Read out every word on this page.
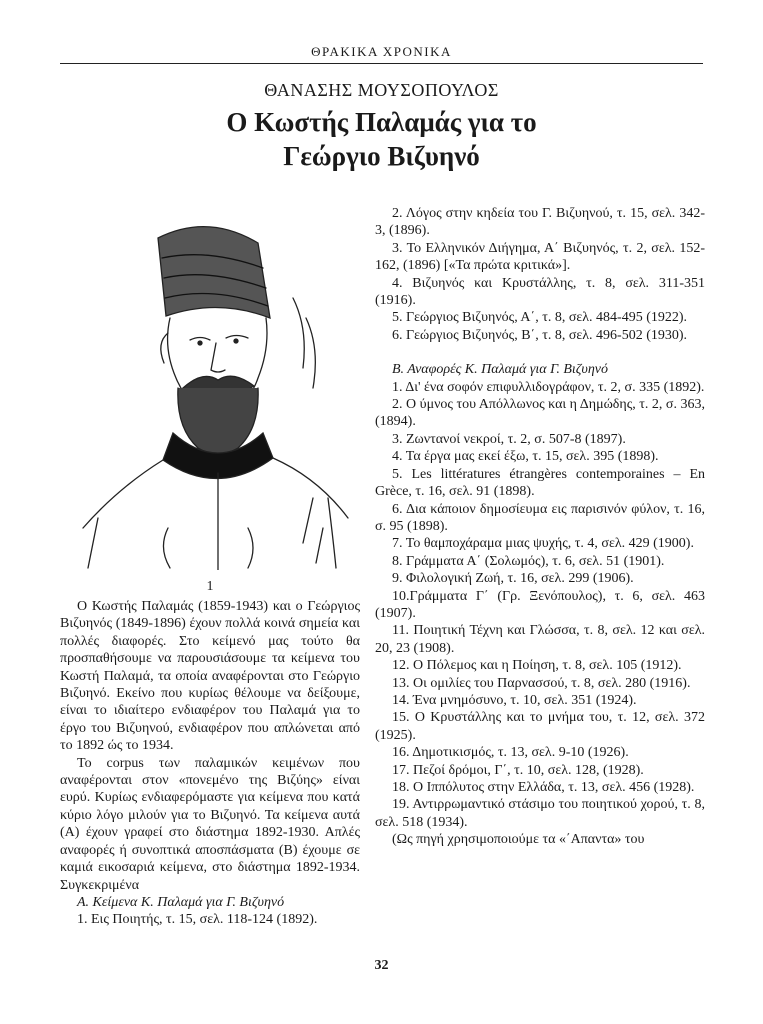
ΘΡΑΚΙΚΑ ΧΡΟΝΙΚΑ
ΘΑΝΑΣΗΣ ΜΟΥΣΟΠΟΥΛΟΣ
Ο Κωστής Παλαμάς για το
Γεώργιο Βιζυηνό
1

Ο Κωστής Παλαμάς (1859-1943) και ο Γεώργιος Βιζυηνός (1849-1896) έχουν πολλά κοινά σημεία και πολλές διαφορές. Στο κείμενό μας τούτο θα προσπαθήσουμε να παρουσιάσουμε τα κείμενα του Κωστή Παλαμά, τα οποία αναφέρονται στο Γεώργιο Βιζυηνό. Εκείνο που κυρίως θέλουμε να δείξουμε, είναι το ιδιαίτερο ενδιαφέρον του Παλαμά για το έργο του Βιζυηνού, ενδιαφέρον που απλώνεται από το 1892 ώς το 1934.

Το corpus των παλαμικών κειμένων που αναφέρονται στον «πονεμένο της Βιζύης» είναι ευρύ. Κυρίως ενδιαφερόμαστε για κείμενα που κατά κύριο λόγο μιλούν για το Βιζυηνό. Τα κείμενα αυτά (Α) έχουν γραφεί στο διάστημα 1892-1930. Απλές αναφορές ή συνοπτικά αποσπάσματα (Β) έχουμε σε καμιά εικοσαριά κείμενα, στο διάστημα 1892-1934. Συγκεκριμένα

Α. Κείμενα Κ. Παλαμά για Γ. Βιζυηνό

1. Εις Ποιητής, τ. 15, σελ. 118-124 (1892).

2. Λόγος στην κηδεία του Γ. Βιζυηνού, τ. 15, σελ. 342-3, (1896).

3. Το Ελληνικόν Διήγημα, Α΄ Βιζυηνός, τ. 2, σελ. 152-162, (1896) [«Τα πρώτα κριτικά»].

4. Βιζυηνός και Κρυστάλλης, τ. 8, σελ. 311-351 (1916).

5. Γεώργιος Βιζυηνός, Α΄, τ. 8, σελ. 484-495 (1922).

6. Γεώργιος Βιζυηνός, Β΄, τ. 8, σελ. 496-502 (1930).

Β. Αναφορές Κ. Παλαμά για Γ. Βιζυηνό

1. Δι' ένα σοφόν επιφυλλιδογράφον, τ. 2, σ. 335 (1892).

2. Ο ύμνος του Απόλλωνος και η Δημώδης, τ. 2, σ. 363, (1894).

3. Ζωντανοί νεκροί, τ. 2, σ. 507-8 (1897).

4. Τα έργα μας εκεί έξω, τ. 15, σελ. 395 (1898).

5. Les littératures étrangères contemporaines – En Grèce, τ. 16, σελ. 91 (1898).

6. Δια κάποιον δημοσίευμα εις παρισινόν φύλον, τ. 16, σ. 95 (1898).

7. Το θαμποχάραμα μιας ψυχής, τ. 4, σελ. 429 (1900).

8. Γράμματα Α΄ (Σολωμός), τ. 6, σελ. 51 (1901).

9. Φιλολογική Ζωή, τ. 16, σελ. 299 (1906).

10.Γράμματα Γ΄ (Γρ. Ξενόπουλος), τ. 6, σελ. 463 (1907).

11. Ποιητική Τέχνη και Γλώσσα, τ. 8, σελ. 12 και σελ. 20, 23 (1908).

12. Ο Πόλεμος και η Ποίηση, τ. 8, σελ. 105 (1912).

13. Οι ομιλίες του Παρνασσού, τ. 8, σελ. 280 (1916).

14. Ένα μνημόσυνο, τ. 10, σελ. 351 (1924).

15. Ο Κρυστάλλης και το μνήμα του, τ. 12, σελ. 372 (1925).

16. Δημοτικισμός, τ. 13, σελ. 9-10 (1926).

17. Πεζοί δρόμοι, Γ΄, τ. 10, σελ. 128, (1928).

18. Ο Ιππόλυτος στην Ελλάδα, τ. 13, σελ. 456 (1928).

19. Αντιρρωμαντικό στάσιμο του ποιητικού χορού, τ. 8, σελ. 518 (1934).

(Ως πηγή χρησιμοποιούμε τα «΄Απαντα» του

32
